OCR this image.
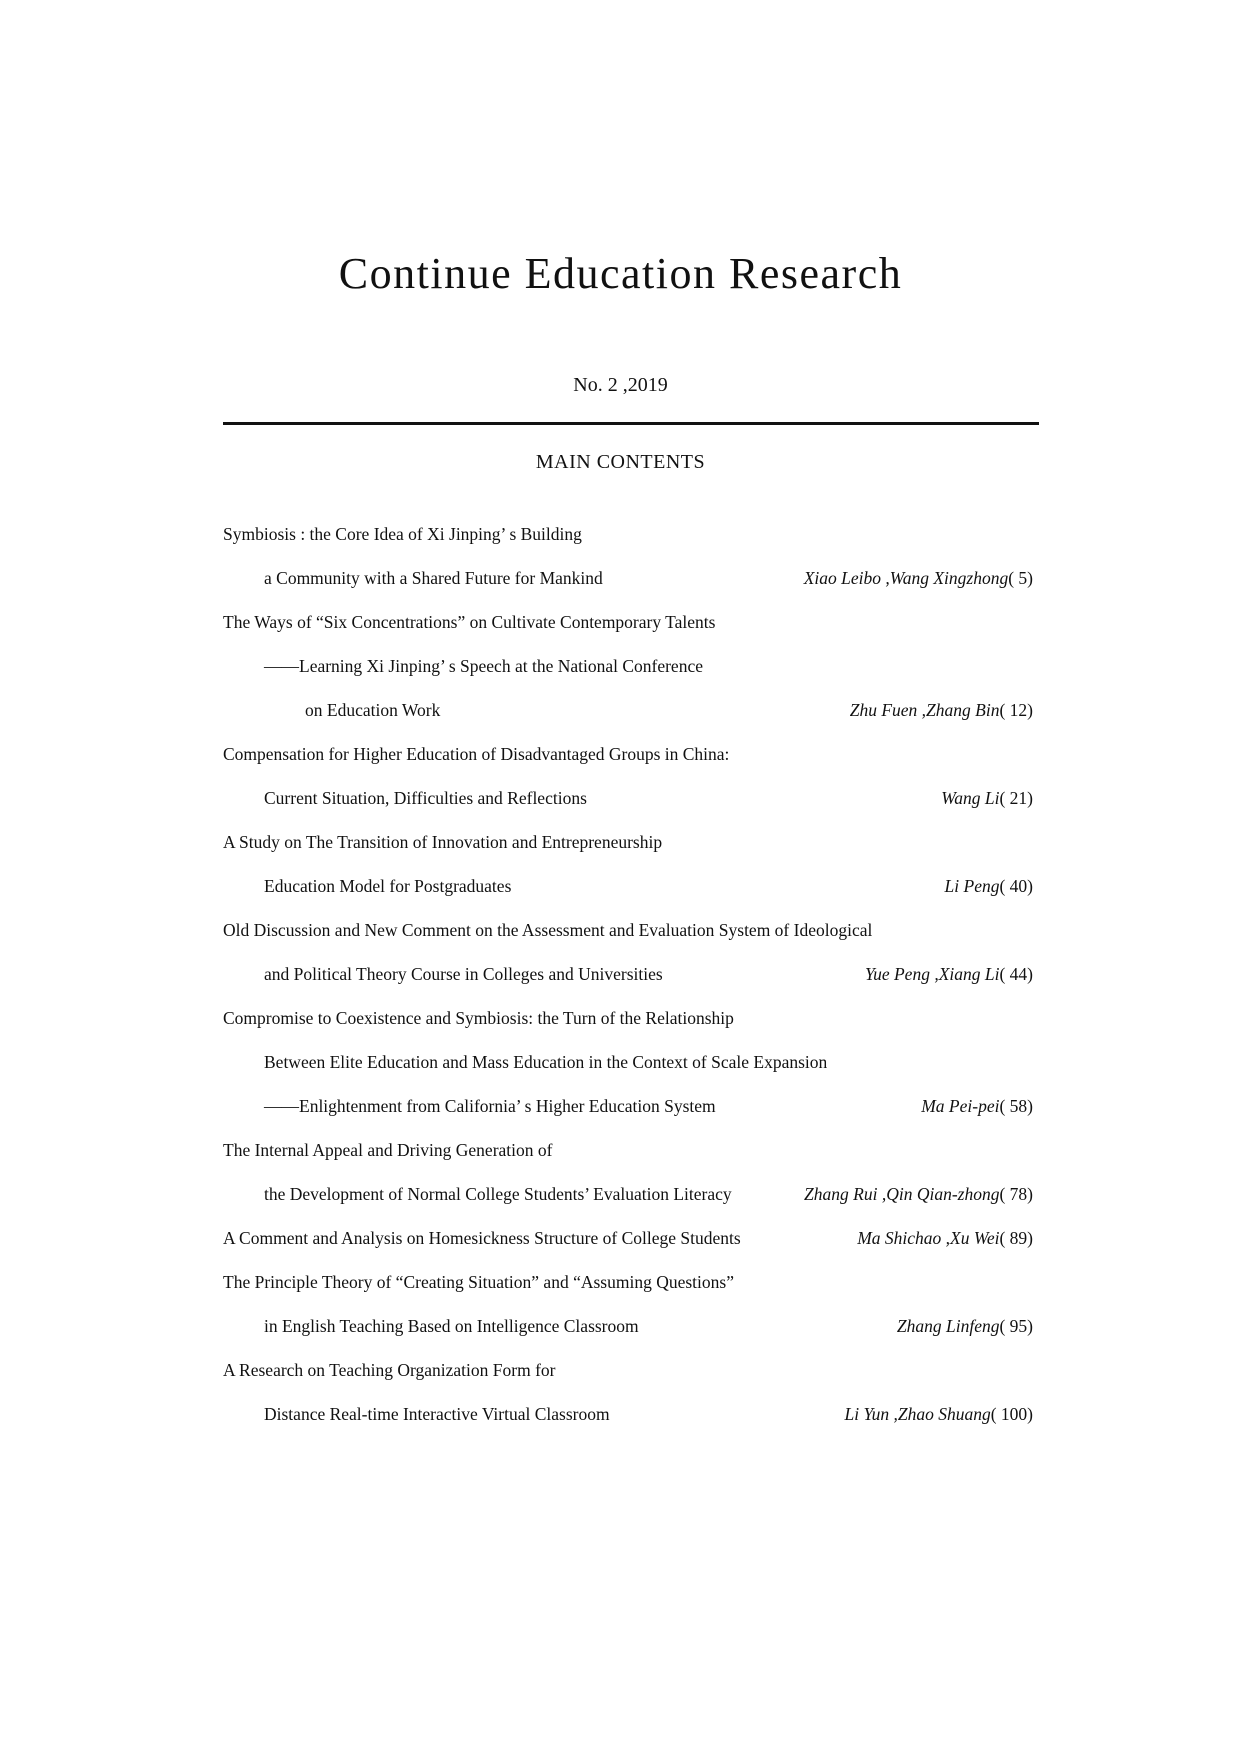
Continue Education Research
No. 2 ,2019
MAIN CONTENTS
Symbiosis : the Core Idea of Xi Jinping’ s Building
a Community with a Shared Future for Mankind	Xiao Leibo ,Wang Xingzhong( 5)
The Ways of “Six Concentrations” on Cultivate Contemporary Talents
——Learning Xi Jinping’ s Speech at the National Conference
on Education Work	Zhu Fuen ,Zhang Bin( 12)
Compensation for Higher Education of Disadvantaged Groups in China:
Current Situation, Difficulties and Reflections	Wang Li( 21)
A Study on The Transition of Innovation and Entrepreneurship
Education Model for Postgraduates	Li Peng( 40)
Old Discussion and New Comment on the Assessment and Evaluation System of Ideological
and Political Theory Course in Colleges and Universities	Yue Peng ,Xiang Li( 44)
Compromise to Coexistence and Symbiosis: the Turn of the Relationship
Between Elite Education and Mass Education in the Context of Scale Expansion
——Enlightenment from California’ s Higher Education System	Ma Pei-pei( 58)
The Internal Appeal and Driving Generation of
the Development of Normal College Students’ Evaluation Literacy	Zhang Rui ,Qin Qian-zhong( 78)
A Comment and Analysis on Homesickness Structure of College Students	Ma Shichao ,Xu Wei( 89)
The Principle Theory of “Creating Situation” and “Assuming Questions”
in English Teaching Based on Intelligence Classroom	Zhang Linfeng( 95)
A Research on Teaching Organization Form for
Distance Real-time Interactive Virtual Classroom	Li Yun ,Zhao Shuang( 100)
